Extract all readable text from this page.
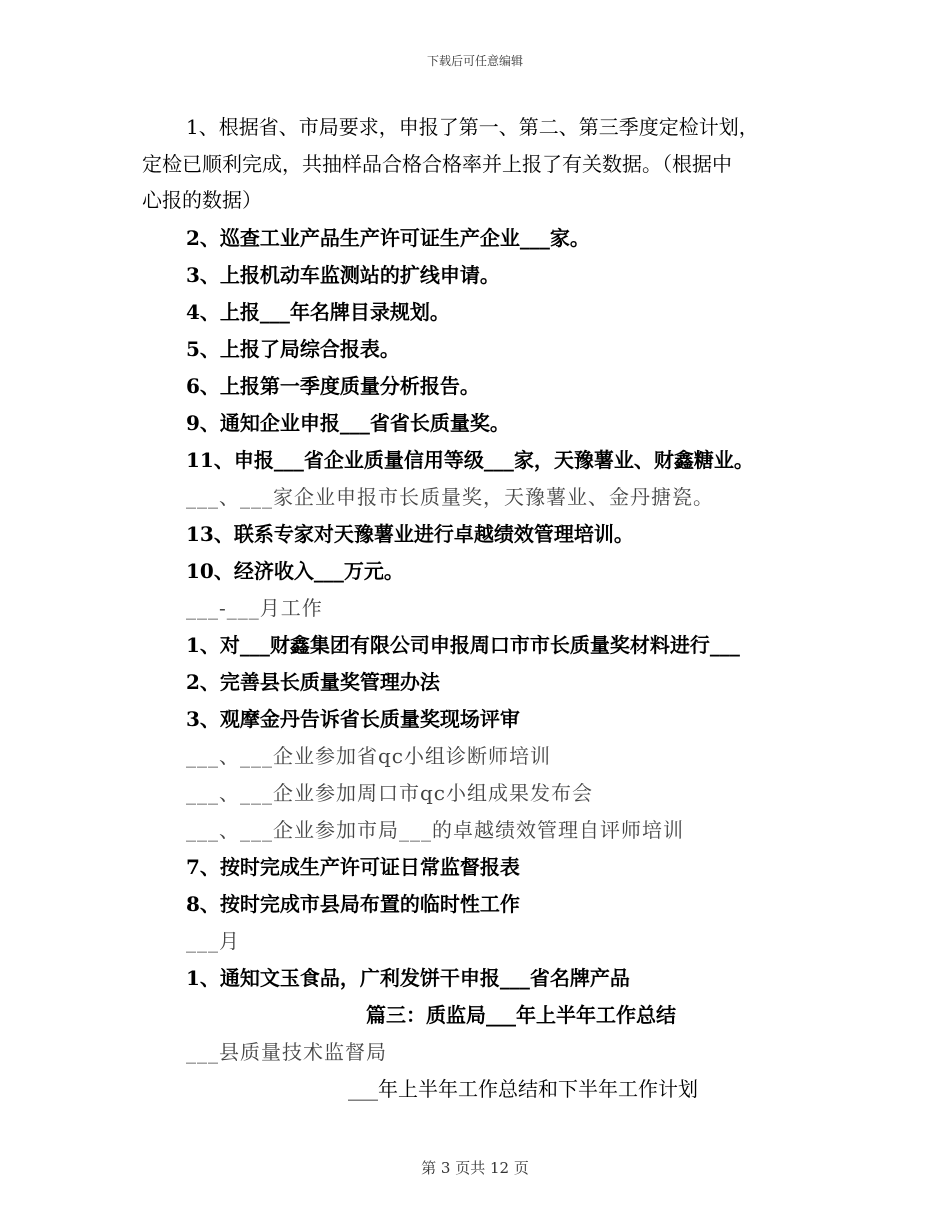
下载后可任意编辑
1、根据省、市局要求，申报了第一、第二、第三季度定检计划，
定检已顺利完成，共抽样品合格合格率并上报了有关数据。（根据中
心报的数据）
2、巡查工业产品生产许可证生产企业___家。
3、上报机动车监测站的扩线申请。
4、上报___年名牌目录规划。
5、上报了局综合报表。
6、上报第一季度质量分析报告。
9、通知企业申报___省省长质量奖。
11、申报___省企业质量信用等级___家，天豫薯业、财鑫糖业。
___、___家企业申报市长质量奖，天豫薯业、金丹搪瓷。
13、联系专家对天豫薯业进行卓越绩效管理培训。
10、经济收入___万元。
___-___月工作
1、对___财鑫集团有限公司申报周口市市长质量奖材料进行___
2、完善县长质量奖管理办法
3、观摩金丹告诉省长质量奖现场评审
___、___企业参加省qc小组诊断师培训
___、___企业参加周口市qc小组成果发布会
___、___企业参加市局___的卓越绩效管理自评师培训
7、按时完成生产许可证日常监督报表
8、按时完成市县局布置的临时性工作
___月
1、通知文玉食品，广利发饼干申报___省名牌产品
篇三：质监局___年上半年工作总结
___县质量技术监督局
___年上半年工作总结和下半年工作计划
第 3 页共 12 页
